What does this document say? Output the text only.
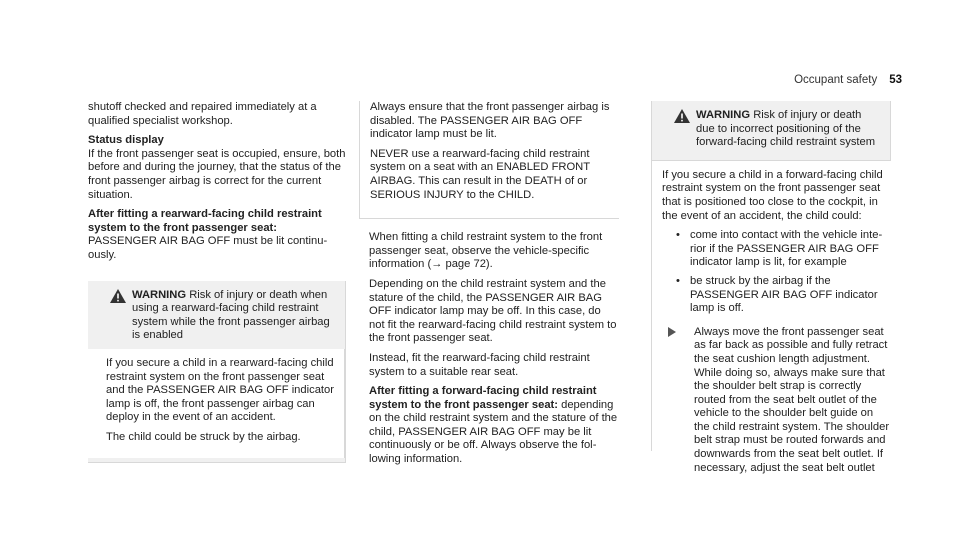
Occupant safety 53

shutoff checked and repaired immediately at a qualified specialist workshop.

Status display
If the front passenger seat is occupied, ensure, both before and during the journey, that the status of the front passenger airbag is correct for the current situation.

After fitting a rearward-facing child restraint system to the front passenger seat:
PASSENGER AIR BAG OFF must be lit continuously.

WARNING Risk of injury or death when using a rearward-facing child restraint system while the front passenger airbag is enabled

If you secure a child in a rearward-facing child restraint system on the front passenger seat and the PASSENGER AIR BAG OFF indicator lamp is off, the front passenger airbag can deploy in the event of an accident.

The child could be struck by the airbag.

Always ensure that the front passenger airbag is disabled. The PASSENGER AIR BAG OFF indicator lamp must be lit.

NEVER use a rearward-facing child restraint system on a seat with an ENABLED FRONT AIRBAG. This can result in the DEATH of or SERIOUS INJURY to the CHILD.

When fitting a child restraint system to the front passenger seat, observe the vehicle-specific information (→ page 72).

Depending on the child restraint system and the stature of the child, the PASSENGER AIR BAG OFF indicator lamp may be off. In this case, do not fit the rearward-facing child restraint system to the front passenger seat.

Instead, fit the rearward-facing child restraint system to a suitable rear seat.

After fitting a forward-facing child restraint system to the front passenger seat: depending on the child restraint system and the stature of the child, PASSENGER AIR BAG OFF may be lit continuously or be off. Always observe the following information.

WARNING Risk of injury or death due to incorrect positioning of the forward-facing child restraint system

If you secure a child in a forward-facing child restraint system on the front passenger seat that is positioned too close to the cockpit, in the event of an accident, the child could:

• come into contact with the vehicle interior if the PASSENGER AIR BAG OFF indicator lamp is lit, for example
• be struck by the airbag if the PASSENGER AIR BAG OFF indicator lamp is off.
Always move the front passenger seat as far back as possible and fully retract the seat cushion length adjustment. While doing so, always make sure that the shoulder belt strap is correctly routed from the seat belt outlet of the vehicle to the shoulder belt guide on the child restraint system. The shoulder belt strap must be routed forwards and downwards from the seat belt outlet. If necessary, adjust the seat belt outlet
